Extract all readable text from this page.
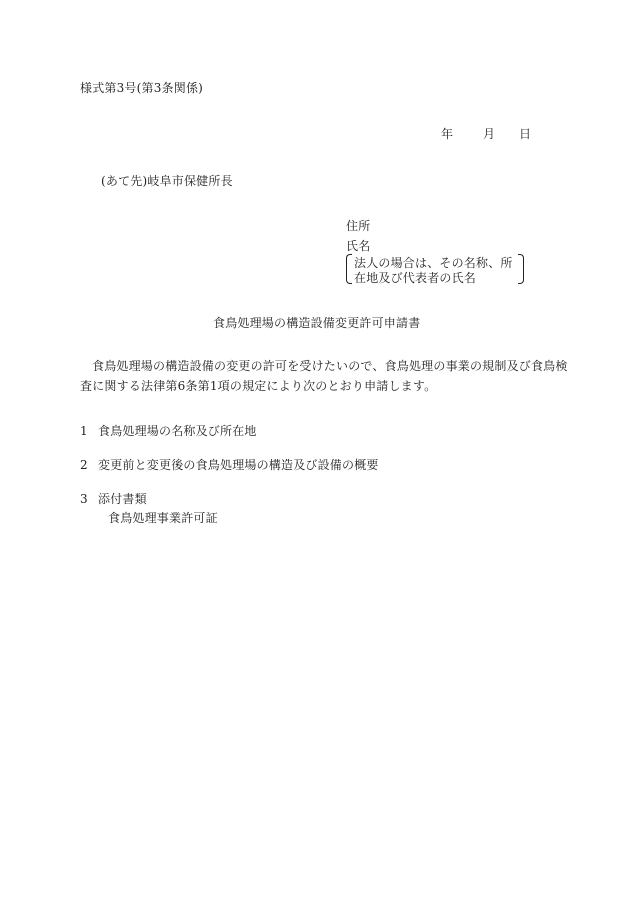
様式第3号(第3条関係)
年 月 日
(あて先)岐阜市保健所長
住所
氏名
法人の場合は、その名称、所
在地及び代表者の氏名
食鳥処理場の構造設備変更許可申請書
食鳥処理場の構造設備の変更の許可を受けたいので、食鳥処理の事業の規制及び食鳥検
査に関する法律第6条第1項の規定により次のとおり申請します。
1 食鳥処理場の名称及び所在地
2 変更前と変更後の食鳥処理場の構造及び設備の概要
3 添付書類
食鳥処理事業許可証
